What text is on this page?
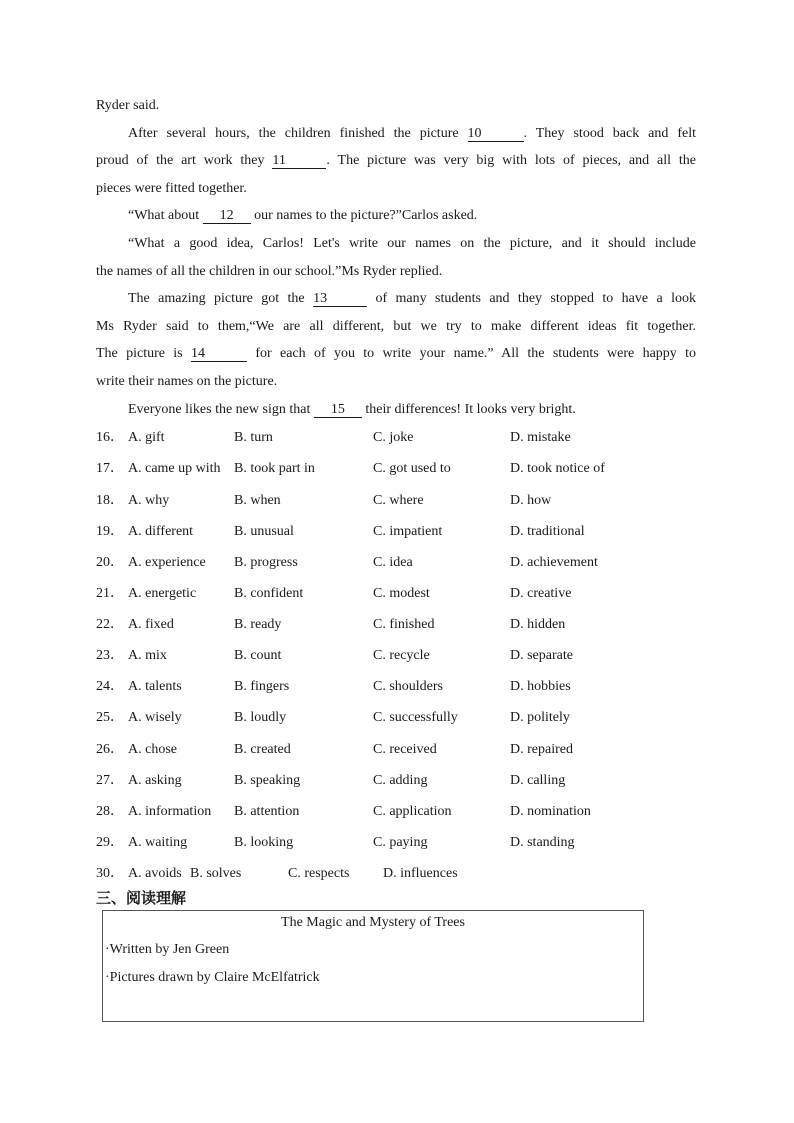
Ryder said.
After several hours, the children finished the picture 10	. They stood back and felt
proud of the art work they 11	. The picture was very big with lots of pieces, and all the
pieces were fitted together.
“What about 12 our names to the picture?”Carlos asked.
“What a good idea, Carlos! Let's write our names on the picture, and it should include
the names of all the children in our school.”Ms Ryder replied.
The amazing picture got the 13	of many students and they stopped to have a look
Ms Ryder said to them,“We are all different, but we try to make different ideas fit together.
The picture is 14	for each of you to write your name.” All the students were happy to
write their names on the picture.
Everyone likes the new sign that 15 their differences! It looks very bright.
16． A. gift	B. turn	C. joke	D. mistake
17． A. came up with B. took part in	C. got used to	D. took notice of
18． A. why	B. when	C. where	D. how
19． A. different	B. unusual	C. impatient	D. traditional
20． A. experience B. progress	C. idea	D. achievement
21． A. energetic	B. confident	C. modest	D. creative
22． A. fixed	B. ready	C. finished	D. hidden
23． A. mix	B. count	C. recycle	D. separate
24． A. talents	B. fingers	C. shoulders	D. hobbies
25． A. wisely	B. loudly	C. successfully	D. politely
26． A. chose	B. created	C. received	D. repaired
27． A. asking	B. speaking	C. adding	D. calling
28． A. information B. attention	C. application	D. nomination
29． A. waiting	B. looking	C. paying	D. standing
30． A. avoids B. solves	C. respects D. influences
三、阅读理解
The Magic and Mystery of Trees
·Written by Jen Green
·Pictures drawn by Claire McElfatrick
